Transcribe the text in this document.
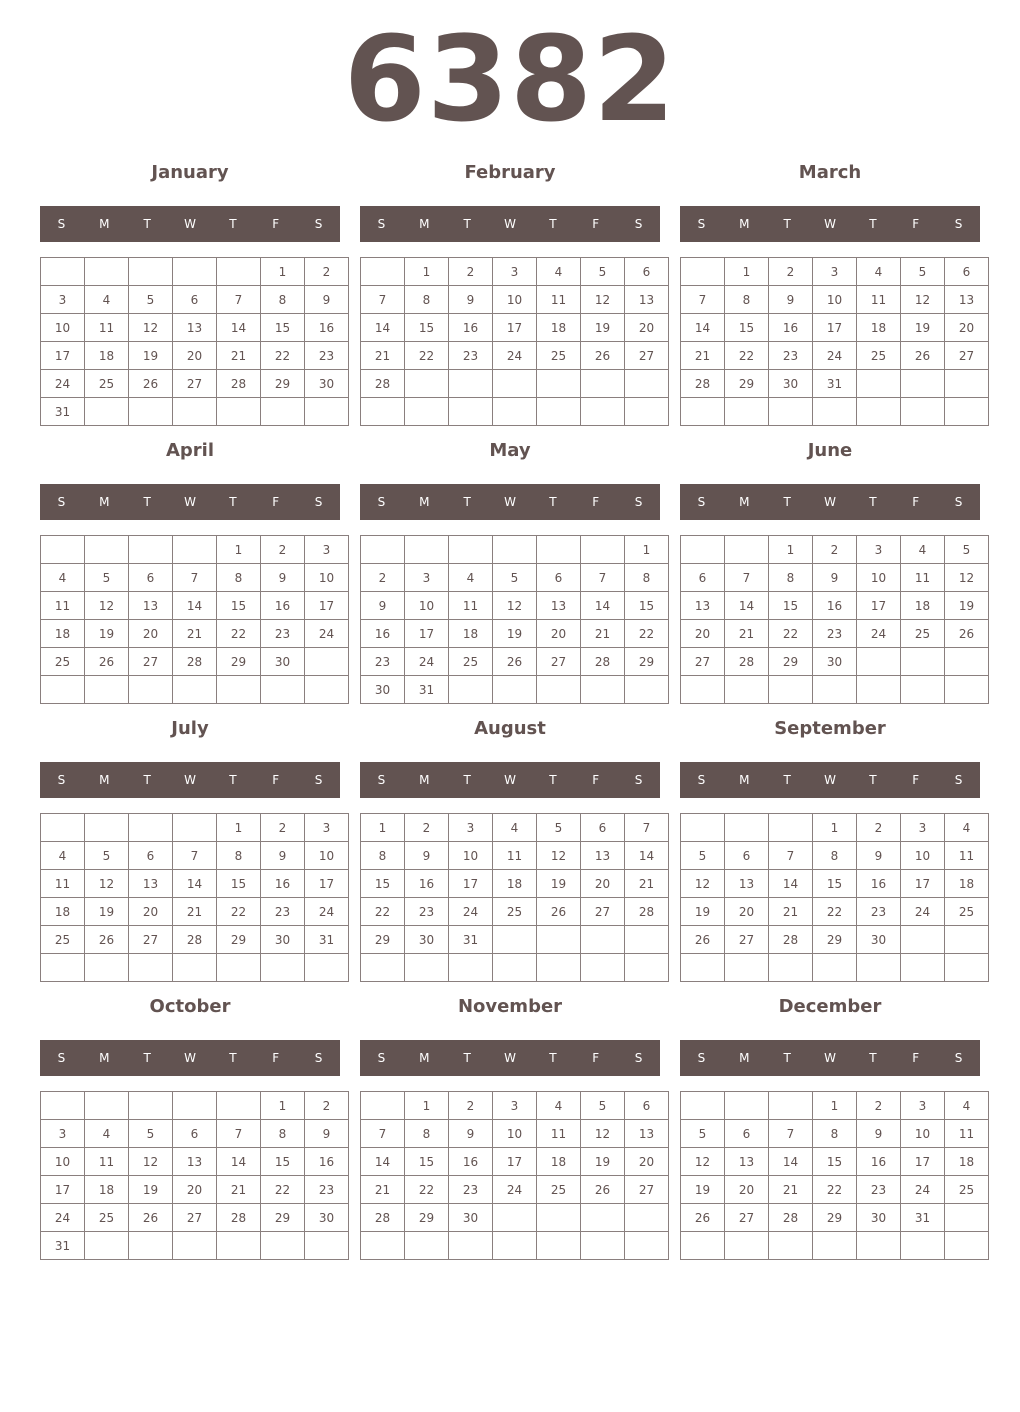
6382
January
S	M	T	W	T	F	S
					1	2
3	4	5	6	7	8	9
10	11	12	13	14	15	16
17	18	19	20	21	22	23
24	25	26	27	28	29	30
31						
February
S	M	T	W	T	F	S
	1	2	3	4	5	6
7	8	9	10	11	12	13
14	15	16	17	18	19	20
21	22	23	24	25	26	27
28						

March
S	M	T	W	T	F	S
	1	2	3	4	5	6
7	8	9	10	11	12	13
14	15	16	17	18	19	20
21	22	23	24	25	26	27
28	29	30	31			

April
S	M	T	W	T	F	S
				1	2	3
4	5	6	7	8	9	10
11	12	13	14	15	16	17
18	19	20	21	22	23	24
25	26	27	28	29	30	

May
S	M	T	W	T	F	S
						1
2	3	4	5	6	7	8
9	10	11	12	13	14	15
16	17	18	19	20	21	22
23	24	25	26	27	28	29
30	31					
June
S	M	T	W	T	F	S
		1	2	3	4	5
6	7	8	9	10	11	12
13	14	15	16	17	18	19
20	21	22	23	24	25	26
27	28	29	30			

July
S	M	T	W	T	F	S
				1	2	3
4	5	6	7	8	9	10
11	12	13	14	15	16	17
18	19	20	21	22	23	24
25	26	27	28	29	30	31

August
S	M	T	W	T	F	S
1	2	3	4	5	6	7
8	9	10	11	12	13	14
15	16	17	18	19	20	21
22	23	24	25	26	27	28
29	30	31				

September
S	M	T	W	T	F	S
			1	2	3	4
5	6	7	8	9	10	11
12	13	14	15	16	17	18
19	20	21	22	23	24	25
26	27	28	29	30		

October
S	M	T	W	T	F	S
					1	2
3	4	5	6	7	8	9
10	11	12	13	14	15	16
17	18	19	20	21	22	23
24	25	26	27	28	29	30
31						
November
S	M	T	W	T	F	S
	1	2	3	4	5	6
7	8	9	10	11	12	13
14	15	16	17	18	19	20
21	22	23	24	25	26	27
28	29	30				

December
S	M	T	W	T	F	S
			1	2	3	4
5	6	7	8	9	10	11
12	13	14	15	16	17	18
19	20	21	22	23	24	25
26	27	28	29	30	31	
